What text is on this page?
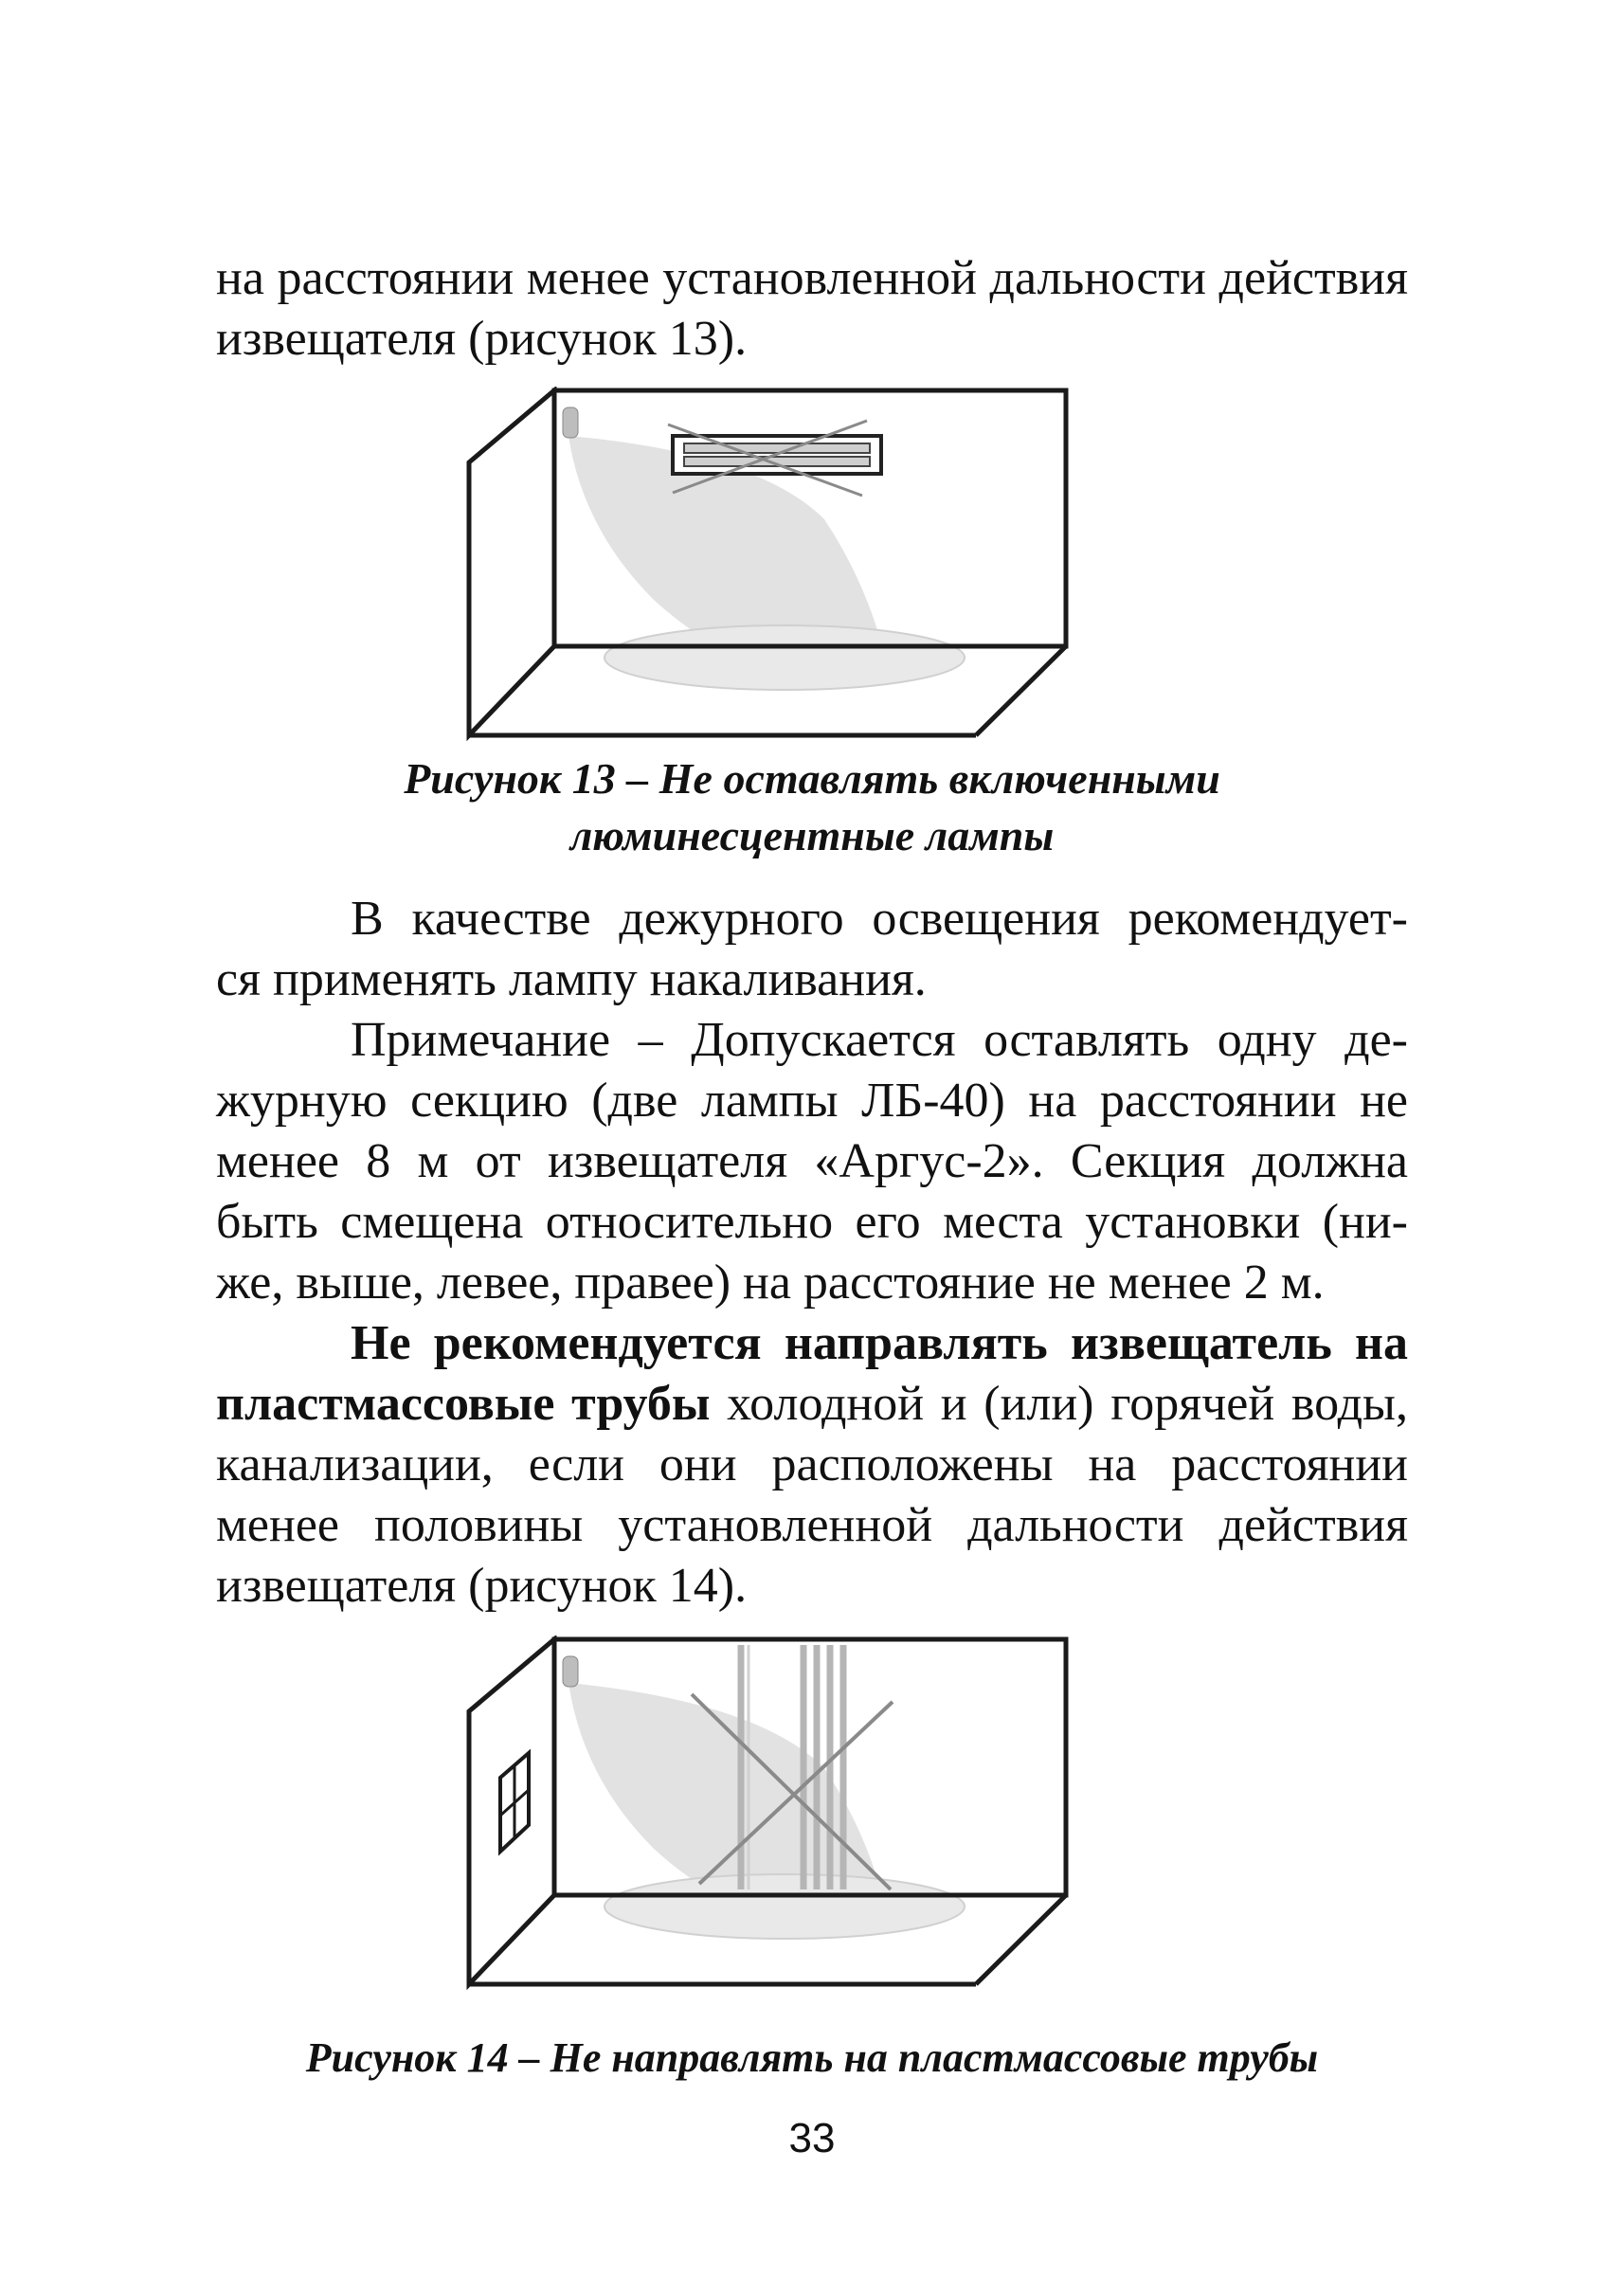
на расстоянии менее установленной дальности действия
извещателя (рисунок 13).
Рисунок 13 – Не оставлять включенными
люминесцентные лампы
В качестве дежурного освещения рекомендует-
ся применять лампу накаливания.
Примечание – Допускается оставлять одну де-
журную секцию (две лампы ЛБ-40) на расстоянии не
менее 8 м от извещателя «Аргус-2». Секция должна
быть смещена относительно его места установки (ни-
же, выше, левее, правее) на расстояние не менее 2 м.
Не рекомендуется направлять извещатель на
пластмассовые трубы холодной и (или) горячей воды,
канализации, если они расположены на расстоянии
менее половины установленной дальности действия
извещателя (рисунок 14).
Рисунок 14 – Не направлять на пластмассовые трубы
33
